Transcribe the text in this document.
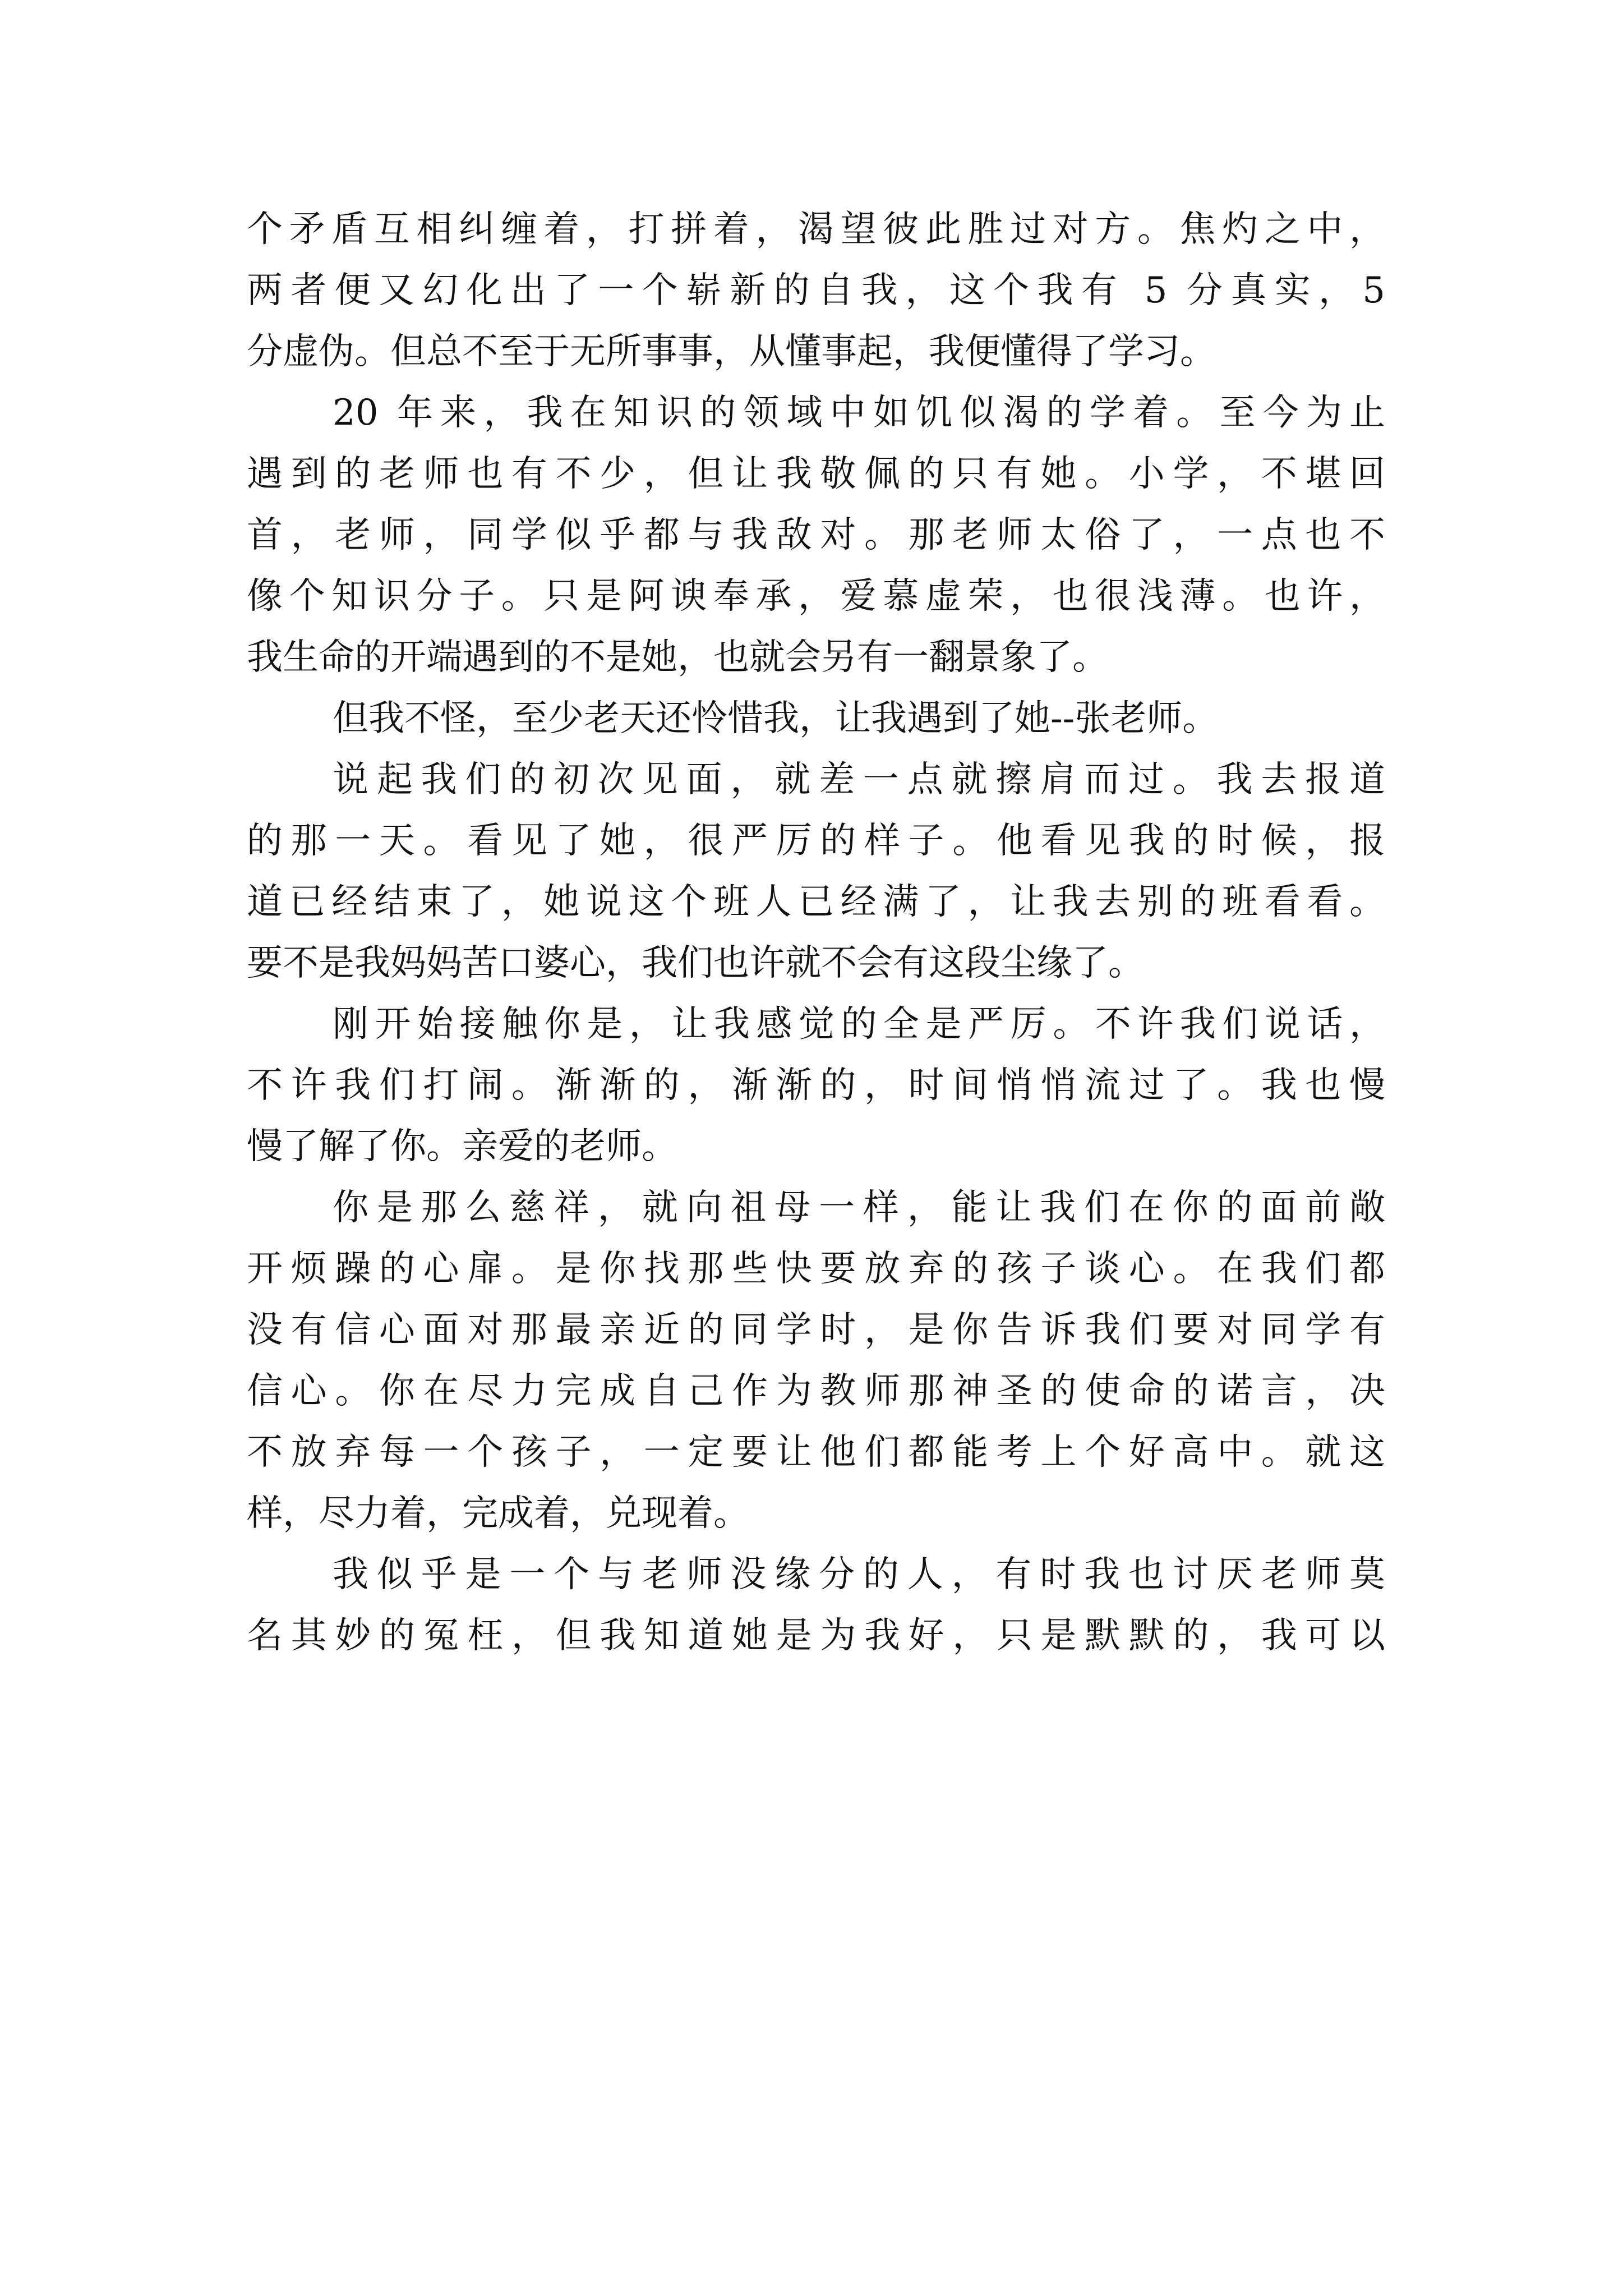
个矛盾互相纠缠着，打拼着，渴望彼此胜过对方。焦灼之中，
两者便又幻化出了一个崭新的自我，这个我有 5 分真实，5
分虚伪。但总不至于无所事事，从懂事起，我便懂得了学习。
20 年来，我在知识的领域中如饥似渴的学着。至今为止
遇到的老师也有不少，但让我敬佩的只有她。小学，不堪回
首，老师，同学似乎都与我敌对。那老师太俗了，一点也不
像个知识分子。只是阿谀奉承，爱慕虚荣，也很浅薄。也许，
我生命的开端遇到的不是她，也就会另有一翻景象了。
但我不怪，至少老天还怜惜我，让我遇到了她--张老师。
说起我们的初次见面，就差一点就擦肩而过。我去报道
的那一天。看见了她，很严厉的样子。他看见我的时候，报
道已经结束了，她说这个班人已经满了，让我去别的班看看。
要不是我妈妈苦口婆心，我们也许就不会有这段尘缘了。
刚开始接触你是，让我感觉的全是严厉。不许我们说话，
不许我们打闹。渐渐的，渐渐的，时间悄悄流过了。我也慢
慢了解了你。亲爱的老师。
你是那么慈祥，就向祖母一样，能让我们在你的面前敞
开烦躁的心扉。是你找那些快要放弃的孩子谈心。在我们都
没有信心面对那最亲近的同学时，是你告诉我们要对同学有
信心。你在尽力完成自己作为教师那神圣的使命的诺言，决
不放弃每一个孩子，一定要让他们都能考上个好高中。就这
样，尽力着，完成着，兑现着。
我似乎是一个与老师没缘分的人，有时我也讨厌老师莫
名其妙的冤枉，但我知道她是为我好，只是默默的，我可以
